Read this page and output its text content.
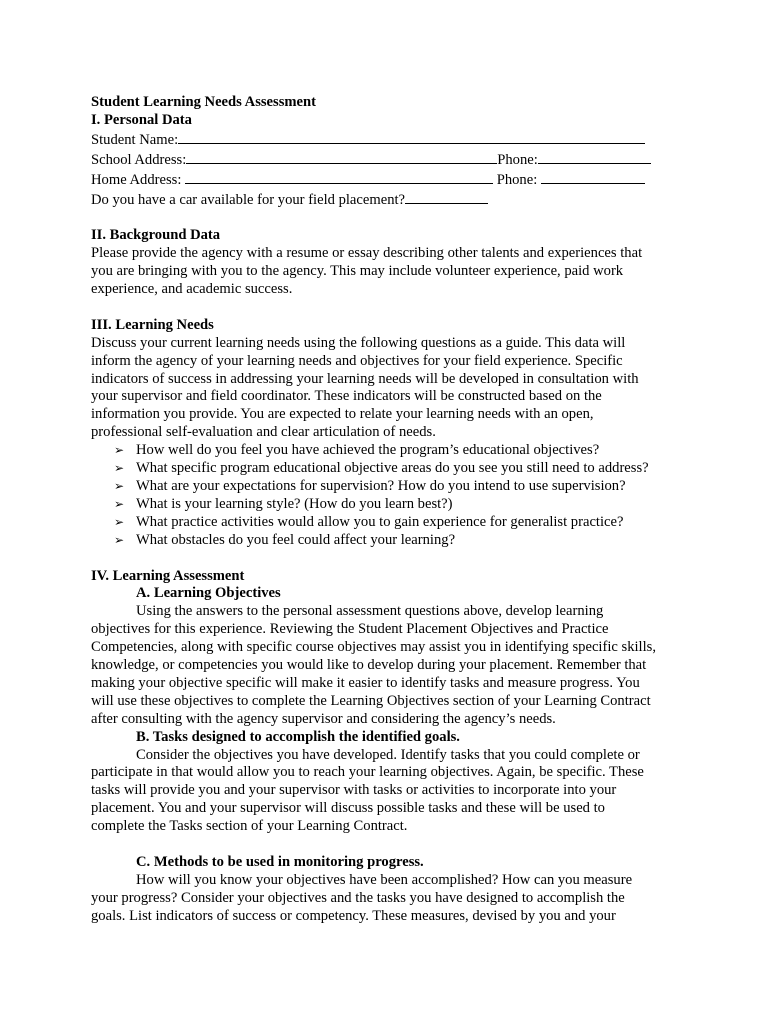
Student Learning Needs Assessment
I. Personal Data
Student Name:
School Address:	Phone:
Home Address:	Phone:
Do you have a car available for your field placement?
II. Background Data
Please provide the agency with a resume or essay describing other talents and experiences that
you are bringing with you to the agency. This may include volunteer experience, paid work
experience, and academic success.
III. Learning Needs
Discuss your current learning needs using the following questions as a guide. This data will
inform the agency of your learning needs and objectives for your field experience. Specific
indicators of success in addressing your learning needs will be developed in consultation with
your supervisor and field coordinator. These indicators will be constructed based on the
information you provide. You are expected to relate your learning needs with an open,
professional self-evaluation and clear articulation of needs.
➢ How well do you feel you have achieved the program’s educational objectives?
➢ What specific program educational objective areas do you see you still need to address?
➢ What are your expectations for supervision? How do you intend to use supervision?
➢ What is your learning style? (How do you learn best?)
➢ What practice activities would allow you to gain experience for generalist practice?
➢ What obstacles do you feel could affect your learning?
IV. Learning Assessment
A. Learning Objectives
Using the answers to the personal assessment questions above, develop learning
objectives for this experience. Reviewing the Student Placement Objectives and Practice
Competencies, along with specific course objectives may assist you in identifying specific skills,
knowledge, or competencies you would like to develop during your placement. Remember that
making your objective specific will make it easier to identify tasks and measure progress. You
will use these objectives to complete the Learning Objectives section of your Learning Contract
after consulting with the agency supervisor and considering the agency’s needs.
B. Tasks designed to accomplish the identified goals.
Consider the objectives you have developed. Identify tasks that you could complete or
participate in that would allow you to reach your learning objectives. Again, be specific. These
tasks will provide you and your supervisor with tasks or activities to incorporate into your
placement. You and your supervisor will discuss possible tasks and these will be used to
complete the Tasks section of your Learning Contract.
C. Methods to be used in monitoring progress.
How will you know your objectives have been accomplished? How can you measure
your progress? Consider your objectives and the tasks you have designed to accomplish the
goals. List indicators of success or competency. These measures, devised by you and your
